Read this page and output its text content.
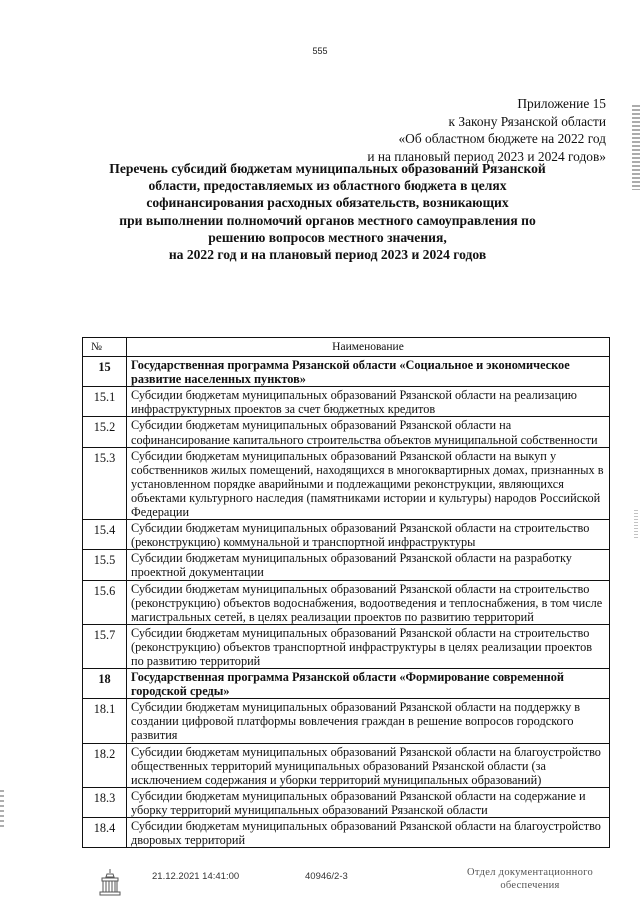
555
Приложение 15
к Закону Рязанской области
«Об областном бюджете на 2022 год
и на плановый период 2023 и 2024 годов»
Перечень субсидий бюджетам муниципальных образований Рязанской
области, предоставляемых из областного бюджета в целях
софинансирования расходных обязательств, возникающих
при выполнении полномочий органов местного самоуправления по
решению вопросов местного значения,
на 2022 год и на плановый период 2023 и 2024 годов
№	Наименование
15	Государственная программа Рязанской области «Социальное и экономическое развитие населенных пунктов»
15.1	Субсидии бюджетам муниципальных образований Рязанской области на реализацию инфраструктурных проектов за счет бюджетных кредитов
15.2	Субсидии бюджетам муниципальных образований Рязанской области на софинансирование капитального строительства объектов муниципальной собственности
15.3	Субсидии бюджетам муниципальных образований Рязанской области на выкуп у собственников жилых помещений, находящихся в многоквартирных домах, признанных в установленном порядке аварийными и подлежащими реконструкции, являющихся объектами культурного наследия (памятниками истории и культуры) народов Российской Федерации
15.4	Субсидии бюджетам муниципальных образований Рязанской области на строительство (реконструкцию) коммунальной и транспортной инфраструктуры
15.5	Субсидии бюджетам муниципальных образований Рязанской области на разработку проектной документации
15.6	Субсидии бюджетам муниципальных образований Рязанской области на строительство (реконструкцию) объектов водоснабжения, водоотведения и теплоснабжения, в том числе магистральных сетей, в целях реализации проектов по развитию территорий
15.7	Субсидии бюджетам муниципальных образований Рязанской области на строительство (реконструкцию) объектов транспортной инфраструктуры в целях реализации проектов по развитию территорий
18	Государственная программа Рязанской области «Формирование современной городской среды»
18.1	Субсидии бюджетам муниципальных образований Рязанской области на поддержку в создании цифровой платформы вовлечения граждан в решение вопросов городского развития
18.2	Субсидии бюджетам муниципальных образований Рязанской области на благоустройство общественных территорий муниципальных образований Рязанской области (за исключением содержания и уборки территорий муниципальных образований)
18.3	Субсидии бюджетам муниципальных образований Рязанской области на содержание и уборку территорий муниципальных образований Рязанской области
18.4	Субсидии бюджетам муниципальных образований Рязанской области на благоустройство дворовых территорий
21.12.2021 14:41:00	40946/2-3	Отдел документационного
обеспечения
